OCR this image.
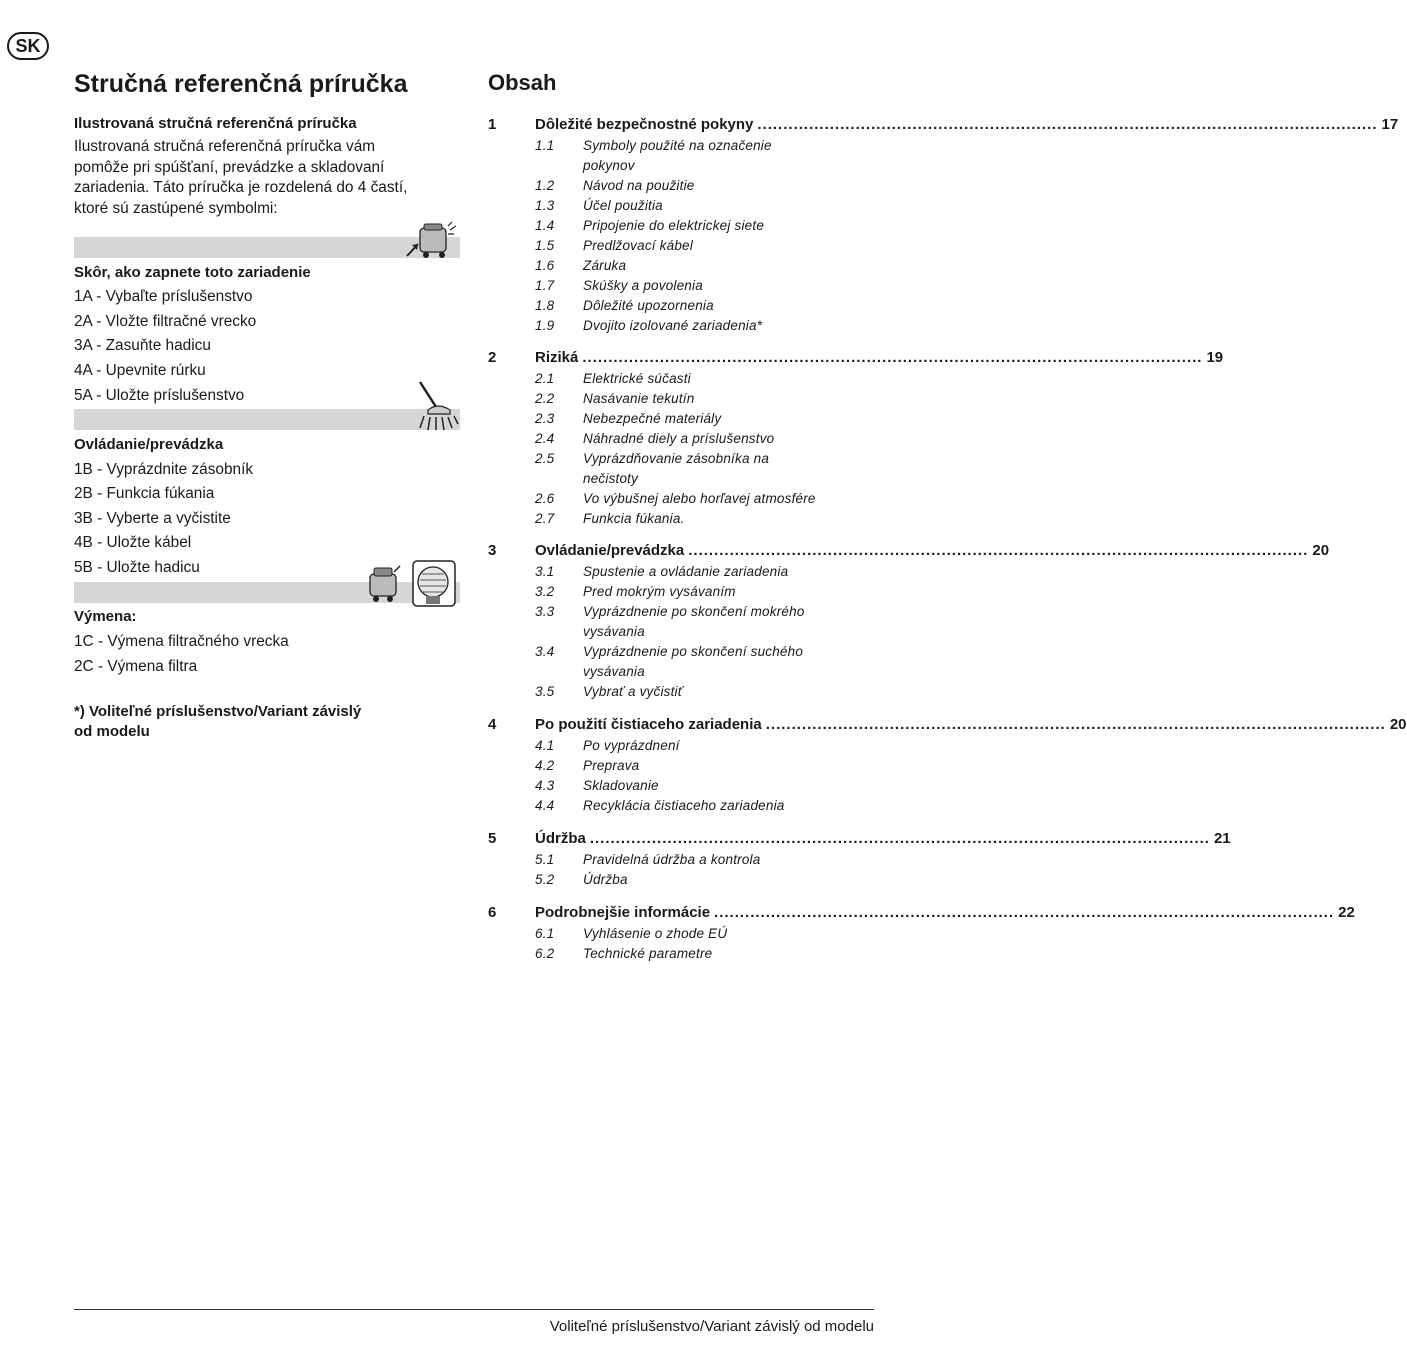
SK
Stručná referenčná príručka
Ilustrovaná stručná referenčná príručka

Ilustrovaná stručná referenčná príručka vám
pomôže pri spúšťaní, prevádzke a skladovaní
zariadenia. Táto príručka je rozdelená do 4 častí,
ktoré sú zastúpené symbolmi:

Skôr, ako zapnete toto zariadenie
1A - Vybaľte príslušenstvo
2A - Vložte filtračné vrecko
3A - Zasuňte hadicu
4A - Upevnite rúrku
5A - Uložte príslušenstvo
Ovládanie/prevádzka
1B - Vyprázdnite zásobník
2B - Funkcia fúkania
3B - Vyberte a vyčistite
4B - Uložte kábel
5B - Uložte hadicu
Výmena:
1C - Výmena filtračného vrecka
2C - Výmena filtra

*) Voliteľné príslušenstvo/Variant závislý
od modelu

Obsah
1	Dôležité bezpečnostné pokyny ........................................................................................................................ 17
1.1 Symboly použité na označenie
pokynov
1.2 Návod na použitie
1.3 Účel použitia
1.4 Pripojenie do elektrickej siete
1.5 Predlžovací kábel
1.6 Záruka
1.7 Skúšky a povolenia
1.8 Dôležité upozornenia
1.9 Dvojito izolované zariadenia*
2	Riziká ........................................................................................................................ 19
2.1 Elektrické súčasti
2.2 Nasávanie tekutín
2.3 Nebezpečné materiály
2.4 Náhradné diely a príslušenstvo
2.5 Vyprázdňovanie zásobníka na
nečistoty
2.6 Vo výbušnej alebo horľavej atmosfére
2.7 Funkcia fúkania.
3	Ovládanie/prevádzka ........................................................................................................................ 20
3.1 Spustenie a ovládanie zariadenia
3.2 Pred mokrým vysávaním
3.3 Vyprázdnenie po skončení mokrého
vysávania
3.4 Vyprázdnenie po skončení suchého
vysávania
3.5 Vybrať a vyčistiť
4	Po použití čistiaceho zariadenia ........................................................................................................................ 20
4.1 Po vyprázdnení
4.2 Preprava
4.3 Skladovanie
4.4 Recyklácia čistiaceho zariadenia
5	Údržba ........................................................................................................................ 21
5.1 Pravidelná údržba a kontrola
5.2 Údržba
6	Podrobnejšie informácie ........................................................................................................................ 22
6.1 Vyhlásenie o zhode EÚ
6.2 Technické parametre
Voliteľné príslušenstvo/Variant závislý od modelu
